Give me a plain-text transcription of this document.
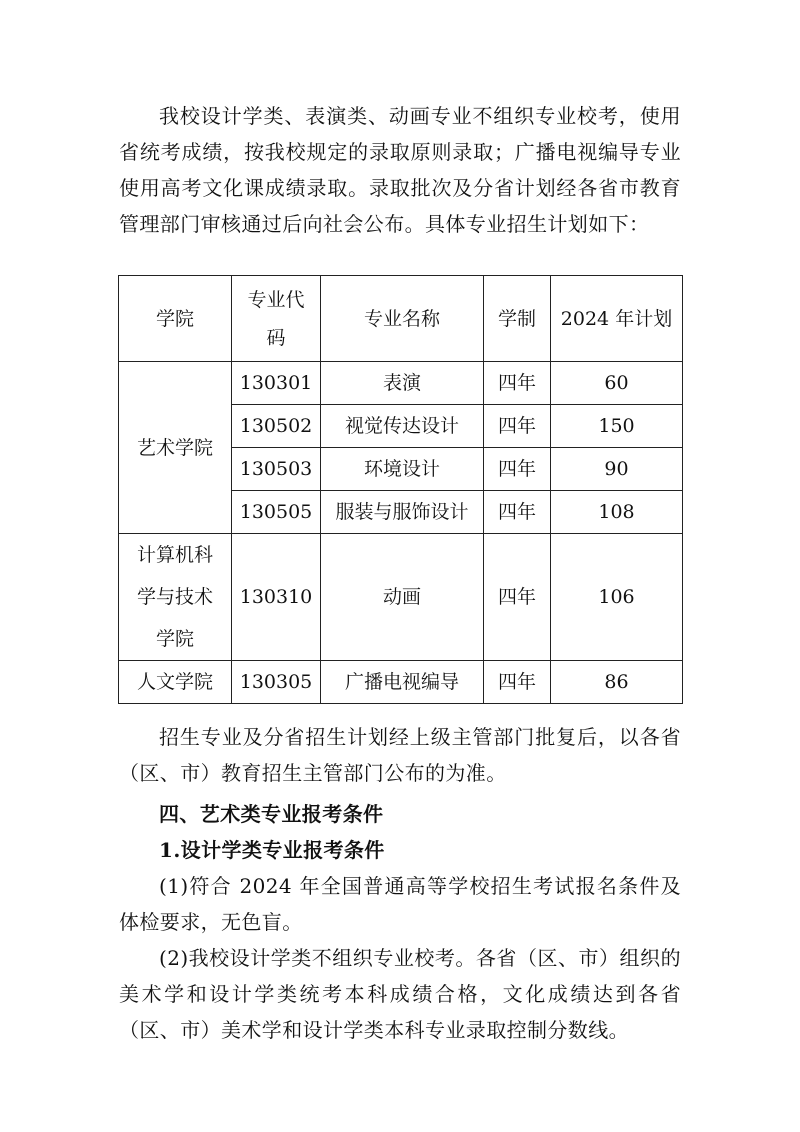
我校设计学类、表演类、动画专业不组织专业校考，使用省统考成绩，按我校规定的录取原则录取；广播电视编导专业使用高考文化课成绩录取。录取批次及分省计划经各省市教育管理部门审核通过后向社会公布。具体专业招生计划如下：

学院	专业代码	专业名称	学制	2024 年计划
艺术学院	130301	表演	四年	60
	130502	视觉传达设计	四年	150
	130503	环境设计	四年	90
	130505	服装与服饰设计	四年	108

计算机科学与技术学院	130310	动画	四年	106
人文学院	130305	广播电视编导	四年	86

招生专业及分省招生计划经上级主管部门批复后，以各省（区、市）教育招生主管部门公布的为准。

四、艺术类专业报考条件

1.设计学类专业报考条件

(1)符合 2024 年全国普通高等学校招生考试报名条件及体检要求，无色盲。

(2)我校设计学类不组织专业校考。各省（区、市）组织的美术学和设计学类统考本科成绩合格，文化成绩达到各省（区、市）美术学和设计学类本科专业录取控制分数线。
